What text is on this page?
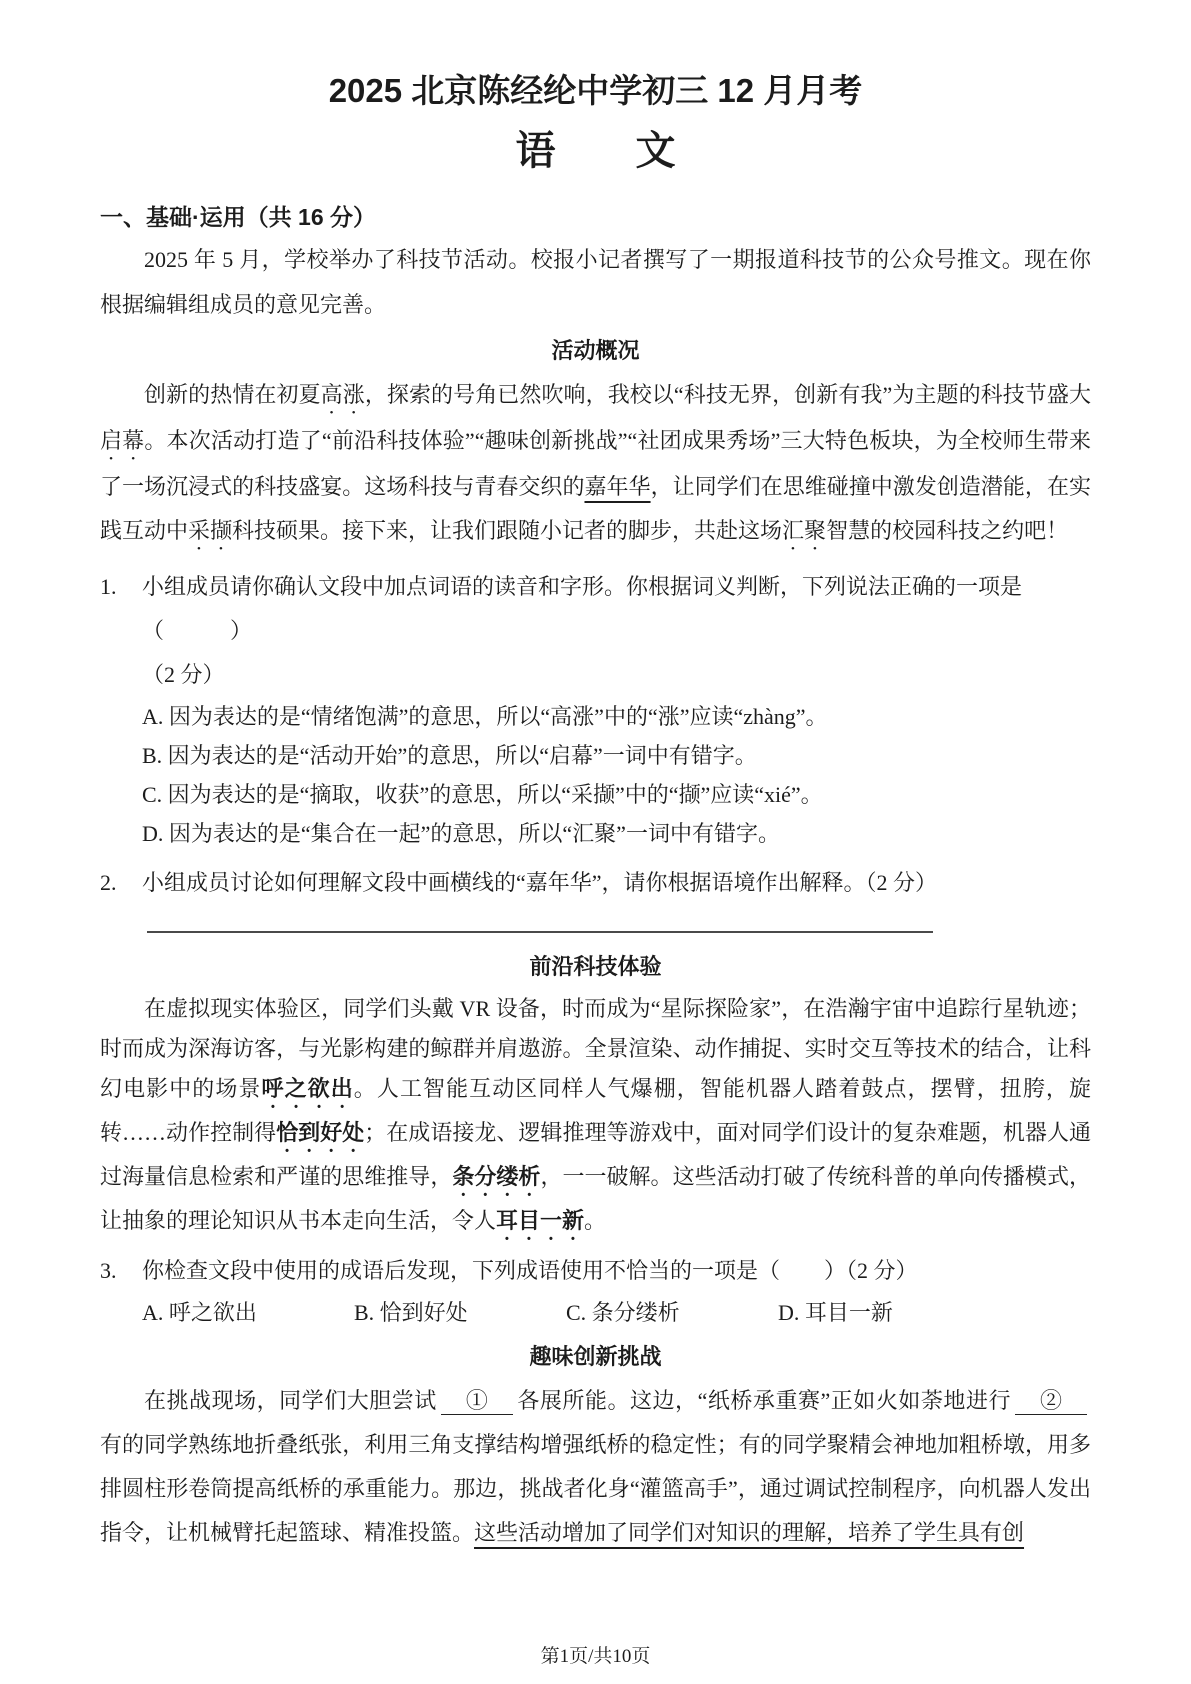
2025 北京陈经纶中学初三 12 月月考
语　　文
一、基础·运用（共 16 分）

2025 年 5 月，学校举办了科技节活动。校报小记者撰写了一期报道科技节的公众号推文。现在你根据编辑组成员的意见完善。

活动概况

创新的热情在初夏高涨，探索的号角已然吹响，我校以“科技无界，创新有我”为主题的科技节盛大启幕。本次活动打造了“前沿科技体验”“趣味创新挑战”“社团成果秀场”三大特色板块，为全校师生带来了一场沉浸式的科技盛宴。这场科技与青春交织的嘉年华，让同学们在思维碰撞中激发创造潜能，在实践互动中采撷科技硕果。接下来，让我们跟随小记者的脚步，共赴这场汇聚智慧的校园科技之约吧！

1.	小组成员请你确认文段中加点词语的读音和字形。你根据词义判断，下列说法正确的一项是（　　　）
（2 分）
A. 因为表达的是“情绪饱满”的意思，所以“高涨”中的“涨”应读“zhàng”。
B. 因为表达的是“活动开始”的意思，所以“启幕”一词中有错字。
C. 因为表达的是“摘取，收获”的意思，所以“采撷”中的“撷”应读“xié”。
D. 因为表达的是“集合在一起”的意思，所以“汇聚”一词中有错字。
2.	小组成员讨论如何理解文段中画横线的“嘉年华”，请你根据语境作出解释。（2 分）
前沿科技体验

在虚拟现实体验区，同学们头戴 VR 设备，时而成为“星际探险家”，在浩瀚宇宙中追踪行星轨迹；时而成为深海访客，与光影构建的鲸群并肩遨游。全景渲染、动作捕捉、实时交互等技术的结合，让科幻电影中的场景呼之欲出。人工智能互动区同样人气爆棚，智能机器人踏着鼓点，摆臂，扭胯，旋转……动作控制得恰到好处；在成语接龙、逻辑推理等游戏中，面对同学们设计的复杂难题，机器人通过海量信息检索和严谨的思维推导，条分缕析，一一破解。这些活动打破了传统科普的单向传播模式，让抽象的理论知识从书本走向生活，令人耳目一新。

3.	你检查文段中使用的成语后发现，下列成语使用不恰当的一项是（　　）（2 分）
A. 呼之欲出	B. 恰到好处	C. 条分缕析	D. 耳目一新
趣味创新挑战

在挑战现场，同学们大胆尝试 ① 各展所能。这边，“纸桥承重赛”正如火如荼地进行 ②有的同学熟练地折叠纸张，利用三角支撑结构增强纸桥的稳定性；有的同学聚精会神地加粗桥墩，用多排圆柱形卷筒提高纸桥的承重能力。那边，挑战者化身“灌篮高手”，通过调试控制程序，向机器人发出指令，让机械臂托起篮球、精准投篮。这些活动增加了同学们对知识的理解，培养了学生具有创

第1页/共10页
